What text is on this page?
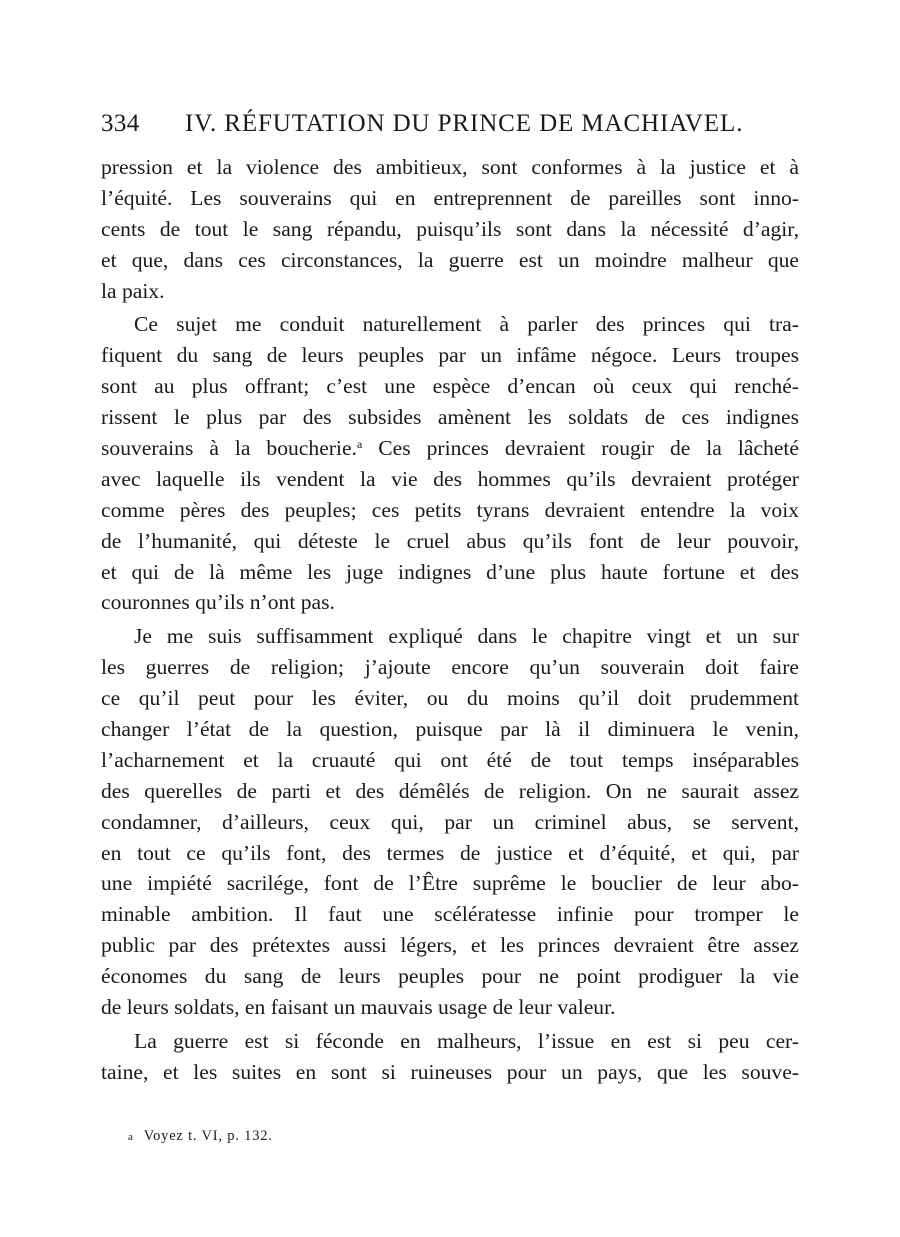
334 IV. RÉFUTATION DU PRINCE DE MACHIAVEL.
pression et la violence des ambitieux, sont conformes à la justice et à
l’équité. Les souverains qui en entreprennent de pareilles sont inno-
cents de tout le sang répandu, puisqu’ils sont dans la nécessité d’agir,
et que, dans ces circonstances, la guerre est un moindre malheur que
la paix.
Ce sujet me conduit naturellement à parler des princes qui tra-
fiquent du sang de leurs peuples par un infâme négoce. Leurs troupes
sont au plus offrant; c’est une espèce d’encan où ceux qui renché-
rissent le plus par des subsides amènent les soldats de ces indignes
souverains à la boucherie.$^a$ Ces princes devraient rougir de la lâcheté
avec laquelle ils vendent la vie des hommes qu’ils devraient protéger
comme pères des peuples; ces petits tyrans devraient entendre la voix
de l’humanité, qui déteste le cruel abus qu’ils font de leur pouvoir,
et qui de là même les juge indignes d’une plus haute fortune et des
couronnes qu’ils n’ont pas.
Je me suis suffisamment expliqué dans le chapitre vingt et un sur
les guerres de religion; j’ajoute encore qu’un souverain doit faire
ce qu’il peut pour les éviter, ou du moins qu’il doit prudemment
changer l’état de la question, puisque par là il diminuera le venin,
l’acharnement et la cruauté qui ont été de tout temps inséparables
des querelles de parti et des démêlés de religion. On ne saurait assez
condamner, d’ailleurs, ceux qui, par un criminel abus, se servent,
en tout ce qu’ils font, des termes de justice et d’équité, et qui, par
une impiété sacrilége, font de l’Être suprême le bouclier de leur abo-
minable ambition. Il faut une scélératesse infinie pour tromper le
public par des prétextes aussi légers, et les princes devraient être assez
économes du sang de leurs peuples pour ne point prodiguer la vie
de leurs soldats, en faisant un mauvais usage de leur valeur.
La guerre est si féconde en malheurs, l’issue en est si peu cer-
taine, et les suites en sont si ruineuses pour un pays, que les souve-
a Voyez t. VI, p. 132.
